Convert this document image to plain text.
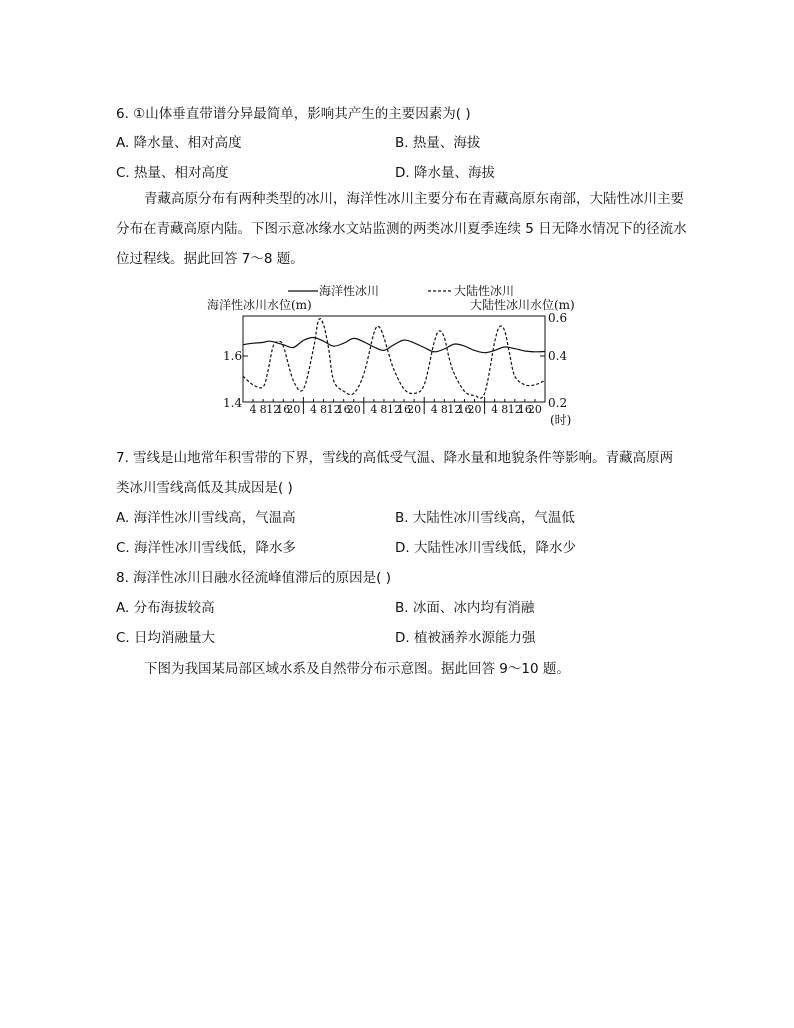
6. ①山体垂直带谱分异最简单，影响其产生的主要因素为( )
A. 降水量、相对高度	B. 热量、海拔
C. 热量、相对高度	D. 降水量、海拔
青藏高原分布有两种类型的冰川，海洋性冰川主要分布在青藏高原东南部，大陆性冰川主要分布在青藏高原内陆。下图示意冰缘水文站监测的两类冰川夏季连续 5 日无降水情况下的径流水位过程线。据此回答 7～8 题。
海洋性冰川	大陆性冰川
海洋性冰川水位(m)	大陆性冰川水位(m)
1.6
1.4
0.6
0.4
0.2
(时)
4 8 12
16
20 4 8 12
16
20 4 8 12
16
20 4 8 12
16
20 4 8 12
16
20
7. 雪线是山地常年积雪带的下界，雪线的高低受气温、降水量和地貌条件等影响。青藏高原两
类冰川雪线高低及其成因是( )
A. 海洋性冰川雪线高，气温高	B. 大陆性冰川雪线高，气温低
C. 海洋性冰川雪线低，降水多	D. 大陆性冰川雪线低，降水少
8. 海洋性冰川日融水径流峰值滞后的原因是( )
A. 分布海拔较高	B. 冰面、冰内均有消融
C. 日均消融量大	D. 植被涵养水源能力强
下图为我国某局部区域水系及自然带分布示意图。据此回答 9～10 题。
